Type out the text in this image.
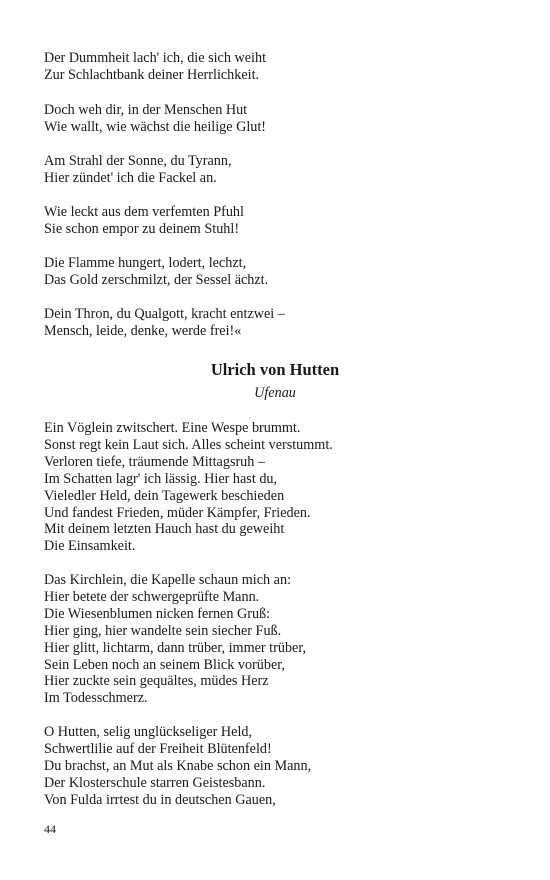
Der Dummheit lach' ich, die sich weiht
Zur Schlachtbank deiner Herrlichkeit.
Doch weh dir, in der Menschen Hut
Wie wallt, wie wächst die heilige Glut!
Am Strahl der Sonne, du Tyrann,
Hier zündet' ich die Fackel an.
Wie leckt aus dem verfemten Pfuhl
Sie schon empor zu deinem Stuhl!
Die Flamme hungert, lodert, lechzt,
Das Gold zerschmilzt, der Sessel ächzt.
Dein Thron, du Qualgott, kracht entzwei –
Mensch, leide, denke, werde frei!«
Ulrich von Hutten
Ufenau
Ein Vöglein zwitschert. Eine Wespe brummt.
Sonst regt kein Laut sich. Alles scheint verstummt.
Verloren tiefe, träumende Mittagsruh –
Im Schatten lagr' ich lässig. Hier hast du,
Vieledler Held, dein Tagewerk beschieden
Und fandest Frieden, müder Kämpfer, Frieden.
Mit deinem letzten Hauch hast du geweiht
Die Einsamkeit.
Das Kirchlein, die Kapelle schaun mich an:
Hier betete der schwergeprüfte Mann.
Die Wiesenblumen nicken fernen Gruß:
Hier ging, hier wandelte sein siecher Fuß.
Hier glitt, lichtarm, dann trüber, immer trüber,
Sein Leben noch an seinem Blick vorüber,
Hier zuckte sein gequältes, müdes Herz
Im Todesschmerz.
O Hutten, selig unglückseliger Held,
Schwertlilie auf der Freiheit Blütenfeld!
Du brachst, an Mut als Knabe schon ein Mann,
Der Klosterschule starren Geistesbann.
Von Fulda irrtest du in deutschen Gauen,
44
